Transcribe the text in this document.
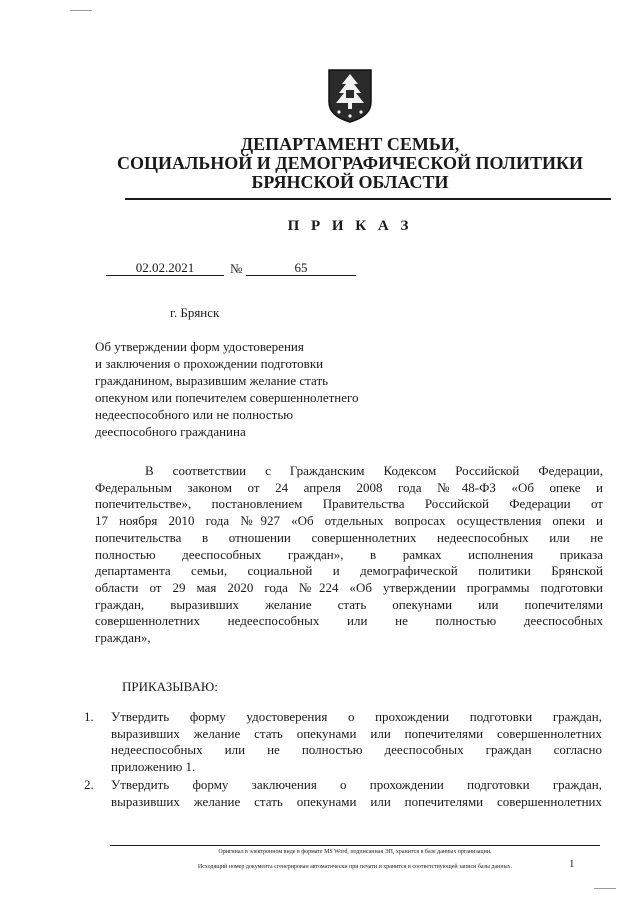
ДЕПАРТАМЕНТ СЕМЬИ,
СОЦИАЛЬНОЙ И ДЕМОГРАФИЧЕСКОЙ ПОЛИТИКИ
БРЯНСКОЙ ОБЛАСТИ
П Р И К А З
02.02.2021	№	65
г. Брянск
Об утверждении форм удостоверения
и заключения о прохождении подготовки
гражданином, выразившим желание стать
опекуном или попечителем совершеннолетнего
недееспособного или не полностью
дееспособного гражданина
В соответствии с Гражданским Кодексом Российской Федерации,
Федеральным законом от 24 апреля 2008 года №48-ФЗ «Об опеке и
попечительстве», постановлением Правительства Российской Федерации от
17 ноября 2010 года №927 «Об отдельных вопросах осуществления опеки и
попечительства в отношении совершеннолетних недееспособных или не
полностью дееспособных граждан», в рамках исполнения приказа
департамента семьи, социальной и демографической политики Брянской
области от 29 мая 2020 года №224 «Об утверждении программы подготовки
граждан, выразивших желание стать опекунами или попечителями
совершеннолетних недееспособных или не полностью дееспособных
граждан»,
ПРИКАЗЫВАЮ:
1. Утвердить форму удостоверения о прохождении подготовки граждан,
выразивших желание стать опекунами или попечителями совершеннолетних
недееспособных или не полностью дееспособных граждан согласно
приложению 1.
2. Утвердить форму заключения о прохождении подготовки граждан,
выразивших желание стать опекунами или попечителями совершеннолетних
Оригинал в электронном виде в формате MS Word, подписанная ЭП, хранится в базе данных организации.
Исходящий номер документа сгенерирован автоматически при печати и хранится в соответствующей записи базы данных.	1
